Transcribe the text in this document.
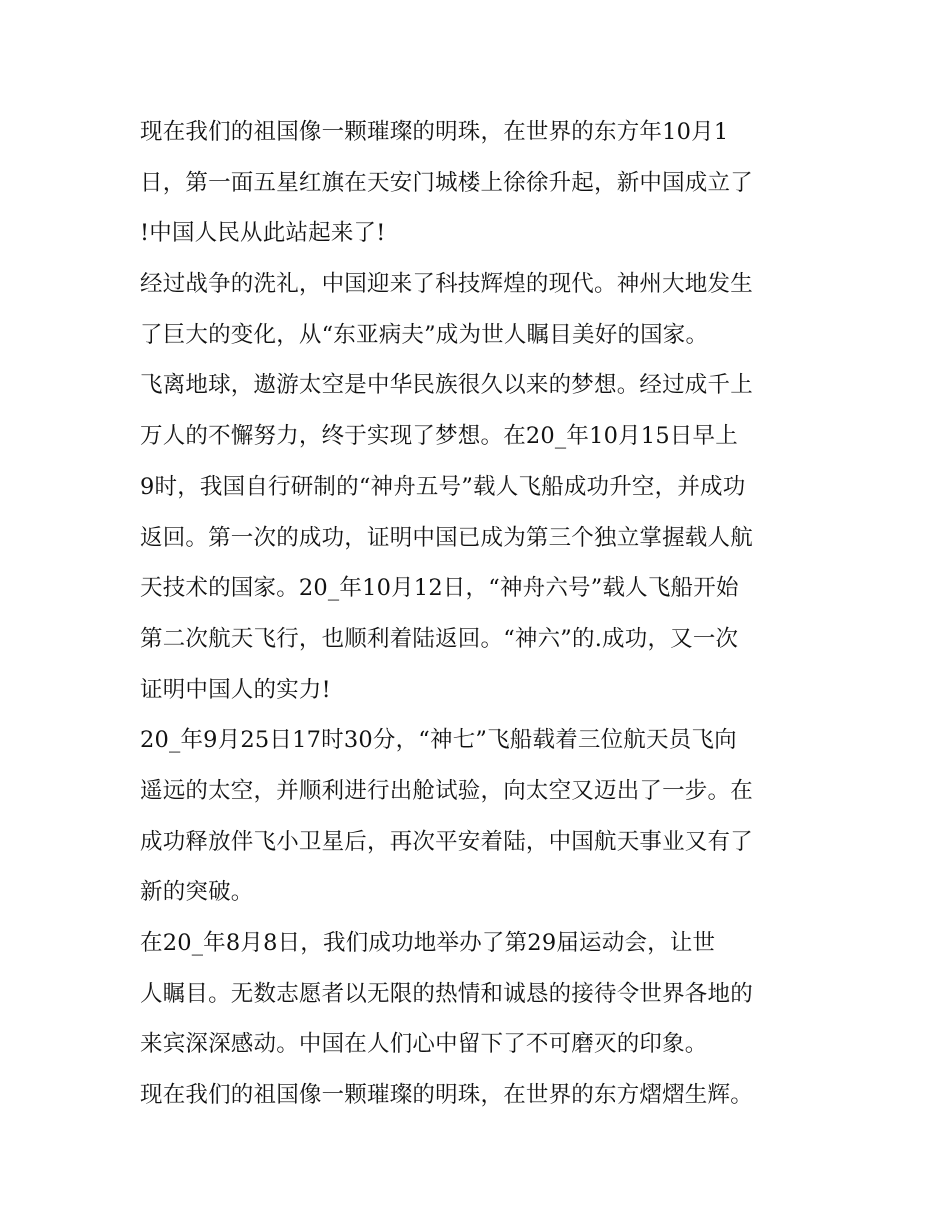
现在我们的祖国像一颗璀璨的明珠，在世界的东方年10月1
日，第一面五星红旗在天安门城楼上徐徐升起，新中国成立了
!中国人民从此站起来了!
经过战争的洗礼，中国迎来了科技辉煌的现代。神州大地发生
了巨大的变化，从“东亚病夫”成为世人瞩目美好的国家。
飞离地球，遨游太空是中华民族很久以来的梦想。经过成千上
万人的不懈努力，终于实现了梦想。在20_年10月15日早上
9时，我国自行研制的“神舟五号”载人飞船成功升空，并成功
返回。第一次的成功，证明中国已成为第三个独立掌握载人航
天技术的国家。20_年10月12日，“神舟六号”载人飞船开始
第二次航天飞行，也顺利着陆返回。“神六”的.成功，又一次
证明中国人的实力!
20_年9月25日17时30分，“神七”飞船载着三位航天员飞向
遥远的太空，并顺利进行出舱试验，向太空又迈出了一步。在
成功释放伴飞小卫星后，再次平安着陆，中国航天事业又有了
新的突破。
在20_年8月8日，我们成功地举办了第29届运动会，让世
人瞩目。无数志愿者以无限的热情和诚恳的接待令世界各地的
来宾深深感动。中国在人们心中留下了不可磨灭的印象。
现在我们的祖国像一颗璀璨的明珠，在世界的东方熠熠生辉。
